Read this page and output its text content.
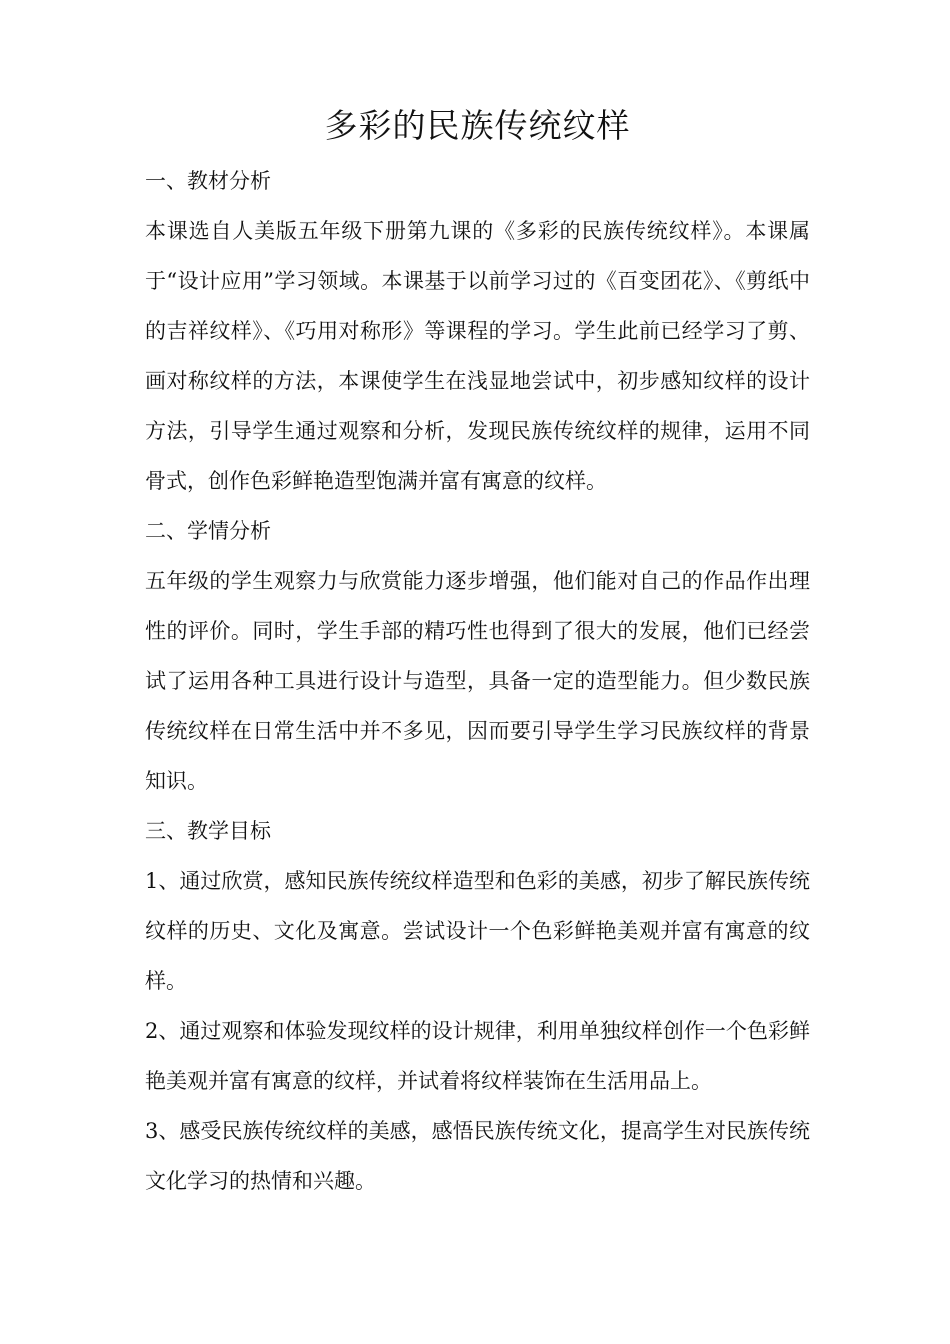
多彩的民族传统纹样
一、教材分析

本课选自人美版五年级下册第九课的《多彩的民族传统纹样》。本课属于“设计应用”学习领域。本课基于以前学习过的《百变团花》、《剪纸中的吉祥纹样》、《巧用对称形》等课程的学习。学生此前已经学习了剪、画对称纹样的方法，本课使学生在浅显地尝试中，初步感知纹样的设计方法，引导学生通过观察和分析，发现民族传统纹样的规律，运用不同骨式，创作色彩鲜艳造型饱满并富有寓意的纹样。

二、学情分析

五年级的学生观察力与欣赏能力逐步增强，他们能对自己的作品作出理性的评价。同时，学生手部的精巧性也得到了很大的发展，他们已经尝试了运用各种工具进行设计与造型，具备一定的造型能力。但少数民族传统纹样在日常生活中并不多见，因而要引导学生学习民族纹样的背景知识。

三、教学目标

1、通过欣赏，感知民族传统纹样造型和色彩的美感，初步了解民族传统纹样的历史、文化及寓意。尝试设计一个色彩鲜艳美观并富有寓意的纹样。

2、通过观察和体验发现纹样的设计规律，利用单独纹样创作一个色彩鲜艳美观并富有寓意的纹样，并试着将纹样装饰在生活用品上。

3、感受民族传统纹样的美感，感悟民族传统文化，提高学生对民族传统文化学习的热情和兴趣。
